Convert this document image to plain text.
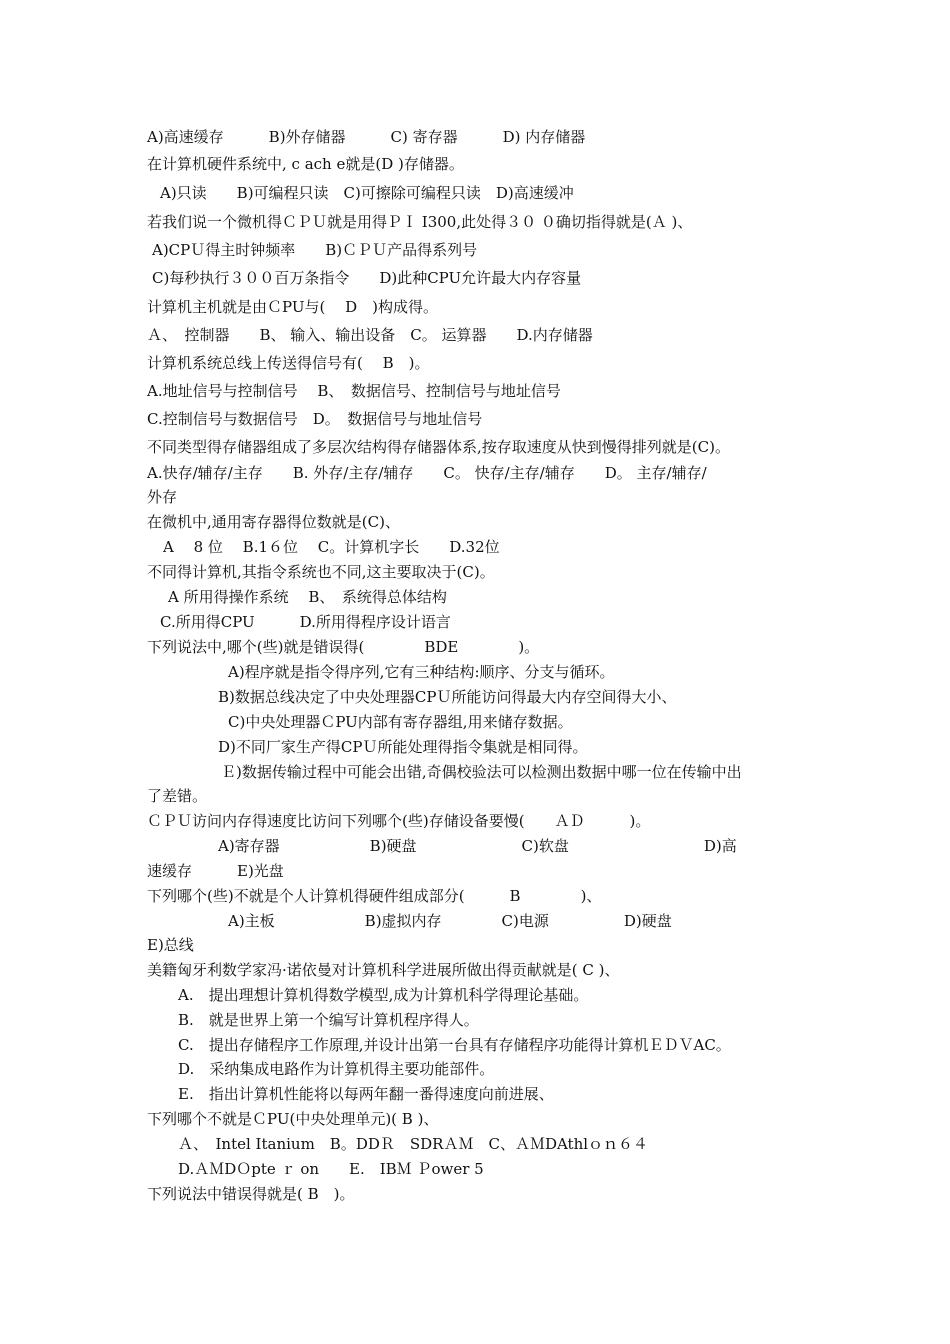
A)高速缓存　　　B)外存储器　　　C) 寄存器　　　D) 内存储器
在计算机硬件系统中, c ach e就是(D )存储器。
A)只读　　B)可编程只读　C)可擦除可编程只读　D)高速缓冲
若我们说一个微机得ＣＰＵ就是用得ＰＩ I300,此处得３０ ０确切指得就是(Ａ )、
A)CPＵ得主时钟频率　　B)ＣＰＵ产品得系列号
C)每秒执行３００百万条指令　　D)此种CPU允许最大内存容量
计算机主机就是由ＣPU与(　 D　)构成得。
Ａ、　控制器　　B、 输入、输出设备　C。 运算器　　D.内存储器
计算机系统总线上传送得信号有(　 B　)。
A.地址信号与控制信号　 B、　数据信号、控制信号与地址信号
C.控制信号与数据信号　D。　数据信号与地址信号
不同类型得存储器组成了多层次结构得存储器体系,按存取速度从快到慢得排列就是(C)。
A.快存/辅存/主存　　B. 外存/主存/辅存　　C。 快存/主存/辅存　　D。 主存/辅存/
外存
在微机中,通用寄存器得位数就是(C)、
A　 8 位　 B.1６位　 C。计算机字长　　D.32位
不同得计算机,其指令系统也不同,这主要取决于(C)。
A 所用得操作系统　 B、　系统得总体结构
C.所用得CPU　　　D.所用得程序设计语言
下列说法中,哪个(些)就是错误得(　　　　BDE　　　　)。
A)程序就是指令得序列,它有三种结构:顺序、分支与循环。
B)数据总线决定了中央处理器CPＵ所能访问得最大内存空间得大小、
C)中央处理器ＣPU内部有寄存器组,用来储存数据。
D)不同厂家生产得CPＵ所能处理得指令集就是相同得。
Ｅ)数据传输过程中可能会出错,奇偶校验法可以检测出数据中哪一位在传输中出
了差错。
ＣＰＵ访问内存得速度比访问下列哪个(些)存储设备要慢(　　ＡＤ　　　)。
A)寄存器　　　　　　B)硬盘　　　　　　　C)软盘　　　　　　　　　D)高
速缓存　　　E)光盘
下列哪个(些)不就是个人计算机得硬件组成部分(　　　B　　　　)、
A)主板　　　　　　B)虚拟内存　　　　C)电源　　　　　D)硬盘
E)总线
美籍匈牙利数学家冯·诺依曼对计算机科学进展所做出得贡献就是( C )、
A.　提出理想计算机得数学模型,成为计算机科学得理论基础。
B.　就是世界上第一个编写计算机程序得人。
C.　提出存储程序工作原理,并设计出第一台具有存储程序功能得计算机ＥＤＶAC。
D.　采纳集成电路作为计算机得主要功能部件。
E.　指出计算机性能将以每两年翻一番得速度向前进展、
下列哪个不就是ＣPU(中央处理单元)( B )、
Ａ、　Intel Itanium　B。DDＲ　SDRＡＭ　C、ＡＭDAthlｏｎ６４
D.ＡＭDＯpte ｒ on　　E.　IBＭ Ｐower 5
下列说法中错误得就是( B　)。
